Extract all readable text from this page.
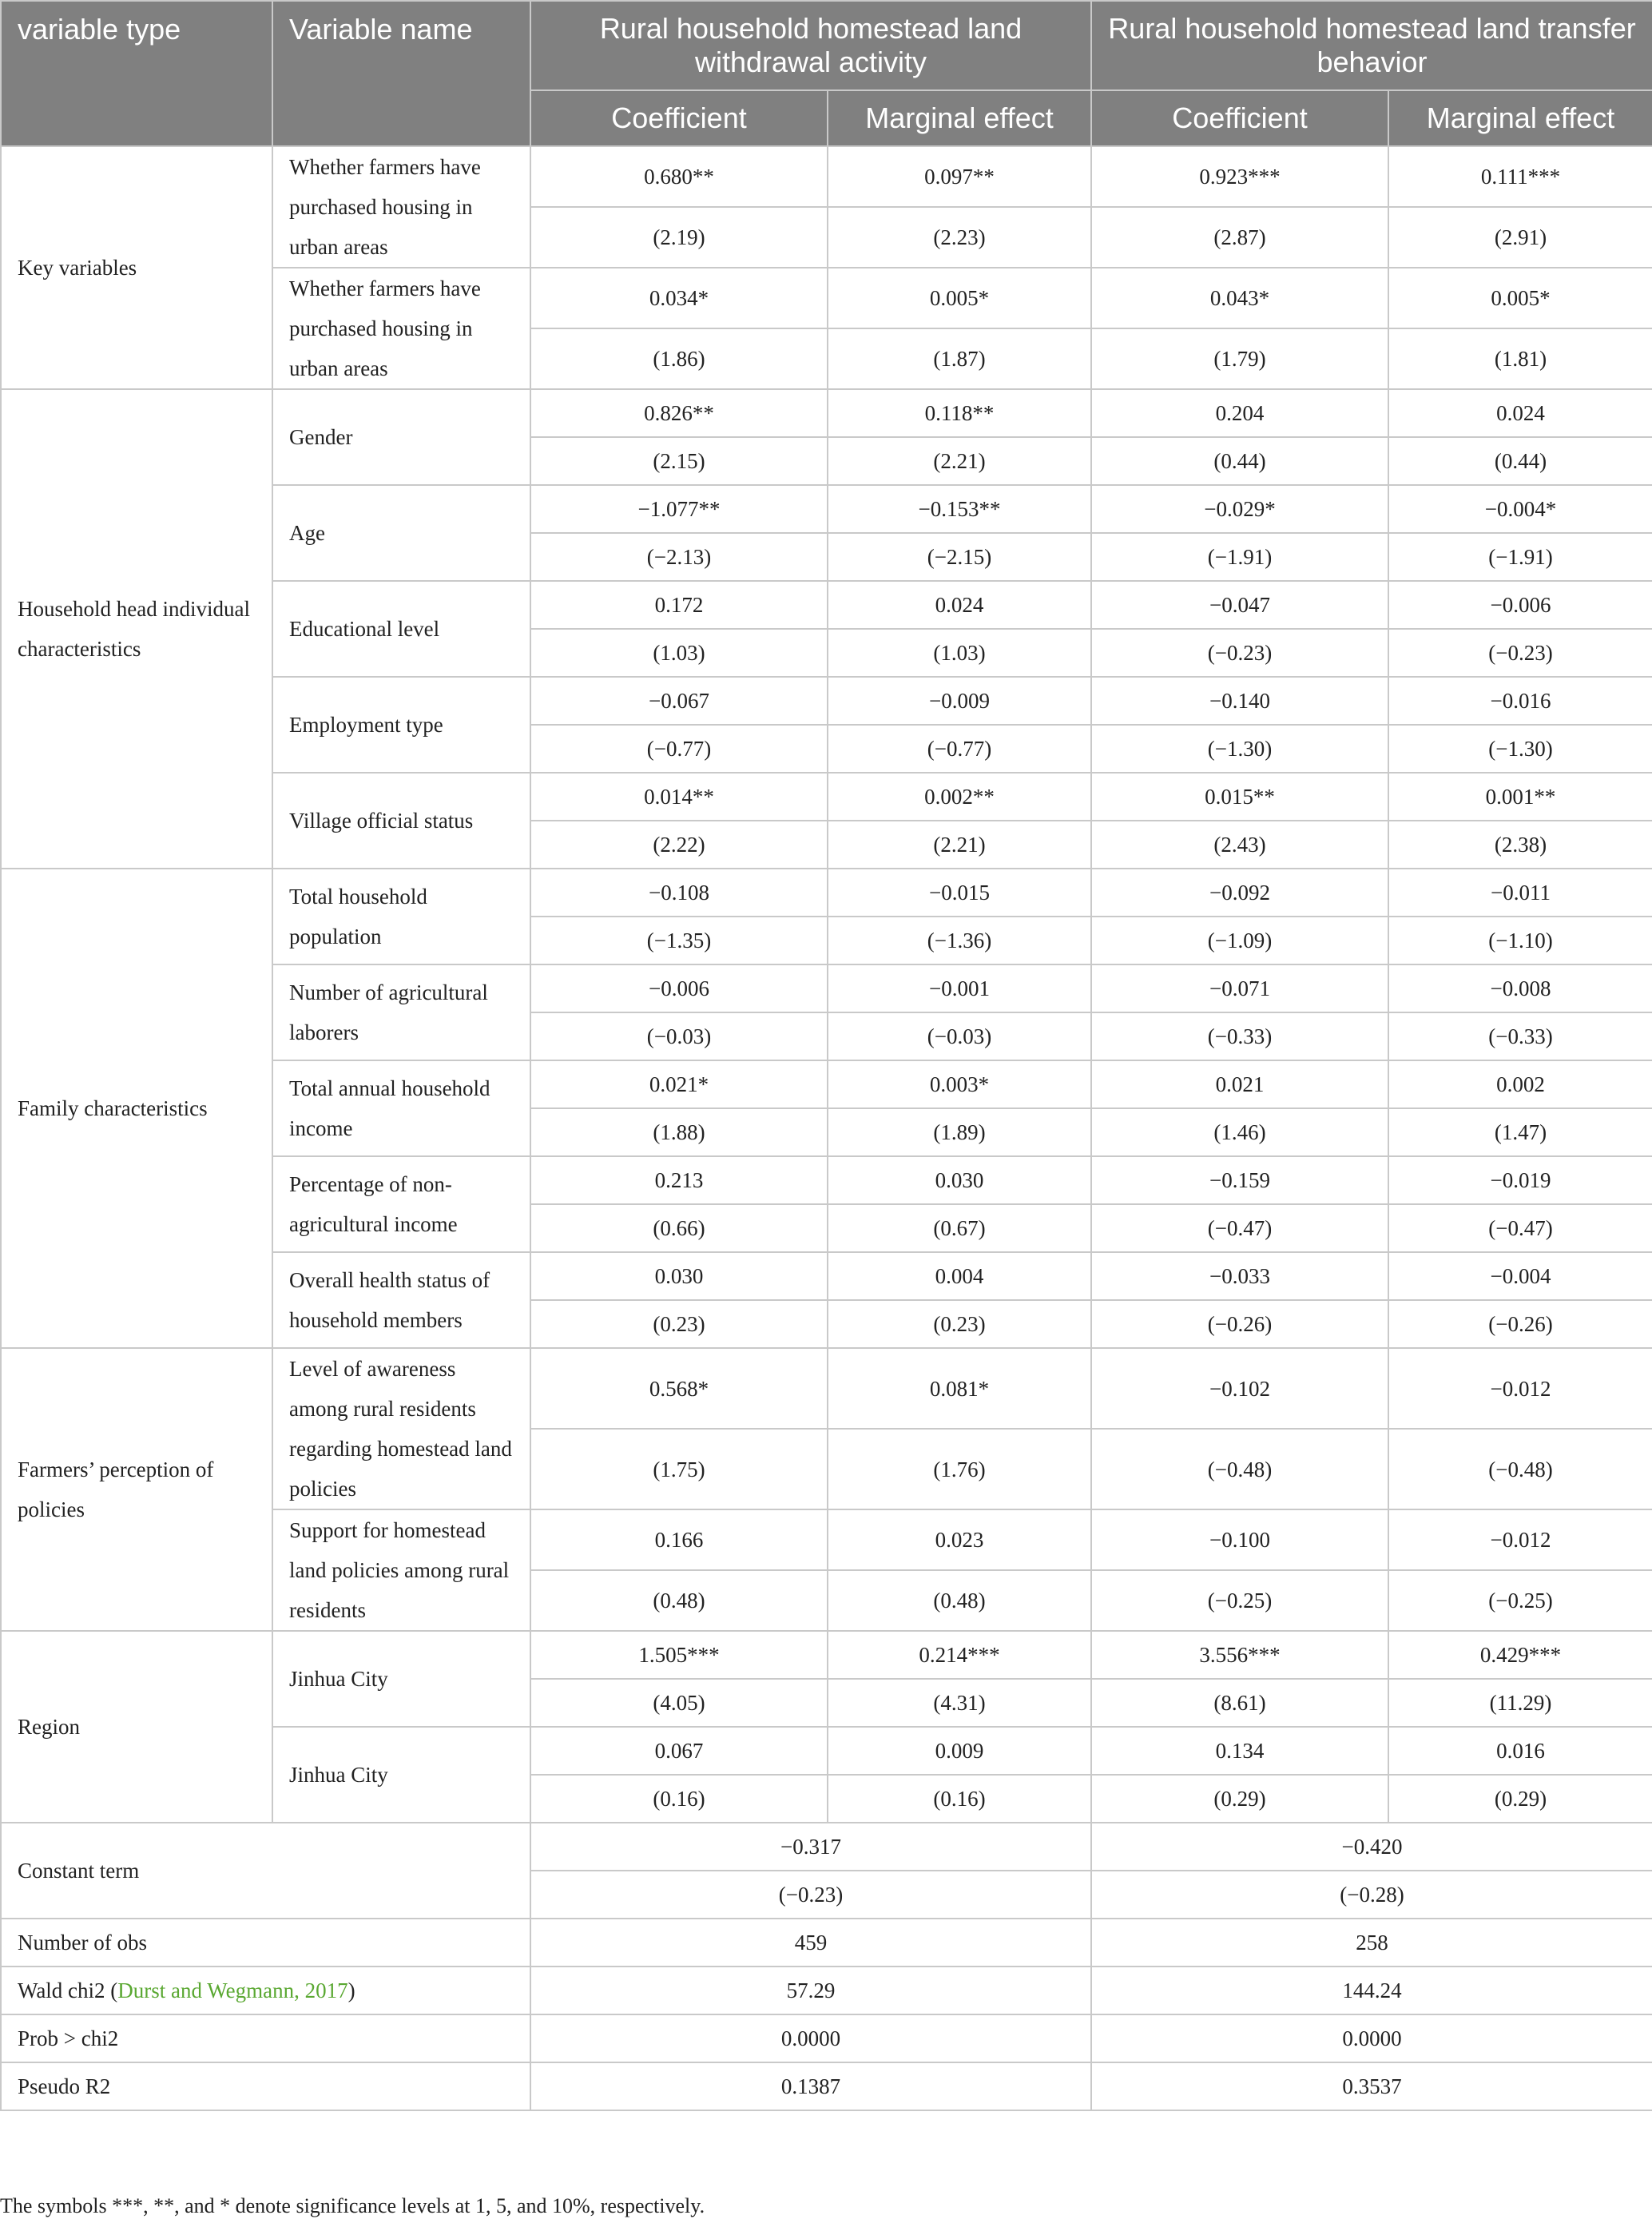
variable type	Variable name	Rural household homestead land withdrawal activity		Rural household homestead land transfer behavior	
		Coefficient	Marginal effect	Coefficient	Marginal effect
Key variables	Whether farmers have purchased housing in urban areas	0.680**	0.097**	0.923***	0.111***
		(2.19)	(2.23)	(2.87)	(2.91)
	Whether farmers have purchased housing in urban areas	0.034*	0.005*	0.043*	0.005*
		(1.86)	(1.87)	(1.79)	(1.81)
Household head individual characteristics	Gender	0.826**	0.118**	0.204	0.024
		(2.15)	(2.21)	(0.44)	(0.44)
	Age	−1.077**	−0.153**	−0.029*	−0.004*
		(−2.13)	(−2.15)	(−1.91)	(−1.91)
	Educational level	0.172	0.024	−0.047	−0.006
		(1.03)	(1.03)	(−0.23)	(−0.23)
	Employment type	−0.067	−0.009	−0.140	−0.016
		(−0.77)	(−0.77)	(−1.30)	(−1.30)
	Village official status	0.014**	0.002**	0.015**	0.001**
		(2.22)	(2.21)	(2.43)	(2.38)
Family characteristics	Total household population	−0.108	−0.015	−0.092	−0.011
		(−1.35)	(−1.36)	(−1.09)	(−1.10)
	Number of agricultural laborers	−0.006	−0.001	−0.071	−0.008
		(−0.03)	(−0.03)	(−0.33)	(−0.33)
	Total annual household income	0.021*	0.003*	0.021	0.002
		(1.88)	(1.89)	(1.46)	(1.47)
	Percentage of non-agricultural income	0.213	0.030	−0.159	−0.019
		(0.66)	(0.67)	(−0.47)	(−0.47)
	Overall health status of household members	0.030	0.004	−0.033	−0.004
		(0.23)	(0.23)	(−0.26)	(−0.26)
Farmers’ perception of policies	Level of awareness among rural residents regarding homestead land policies	0.568*	0.081*	−0.102	−0.012
		(1.75)	(1.76)	(−0.48)	(−0.48)
	Support for homestead land policies among rural residents	0.166	0.023	−0.100	−0.012
		(0.48)	(0.48)	(−0.25)	(−0.25)
Region	Jinhua City	1.505***	0.214***	3.556***	0.429***
		(4.05)	(4.31)	(8.61)	(11.29)
	Jinhua City	0.067	0.009	0.134	0.016
		(0.16)	(0.16)	(0.29)	(0.29)
Constant term		−0.317		−0.420	
		(−0.23)		(−0.28)	
Number of obs		459		258	
Wald chi2 (Durst and Wegmann, 2017)		57.29		144.24	
Prob > chi2		0.0000		0.0000	
Pseudo R2		0.1387		0.3537	
The symbols ***, **, and * denote significance levels at 1, 5, and 10%, respectively.
